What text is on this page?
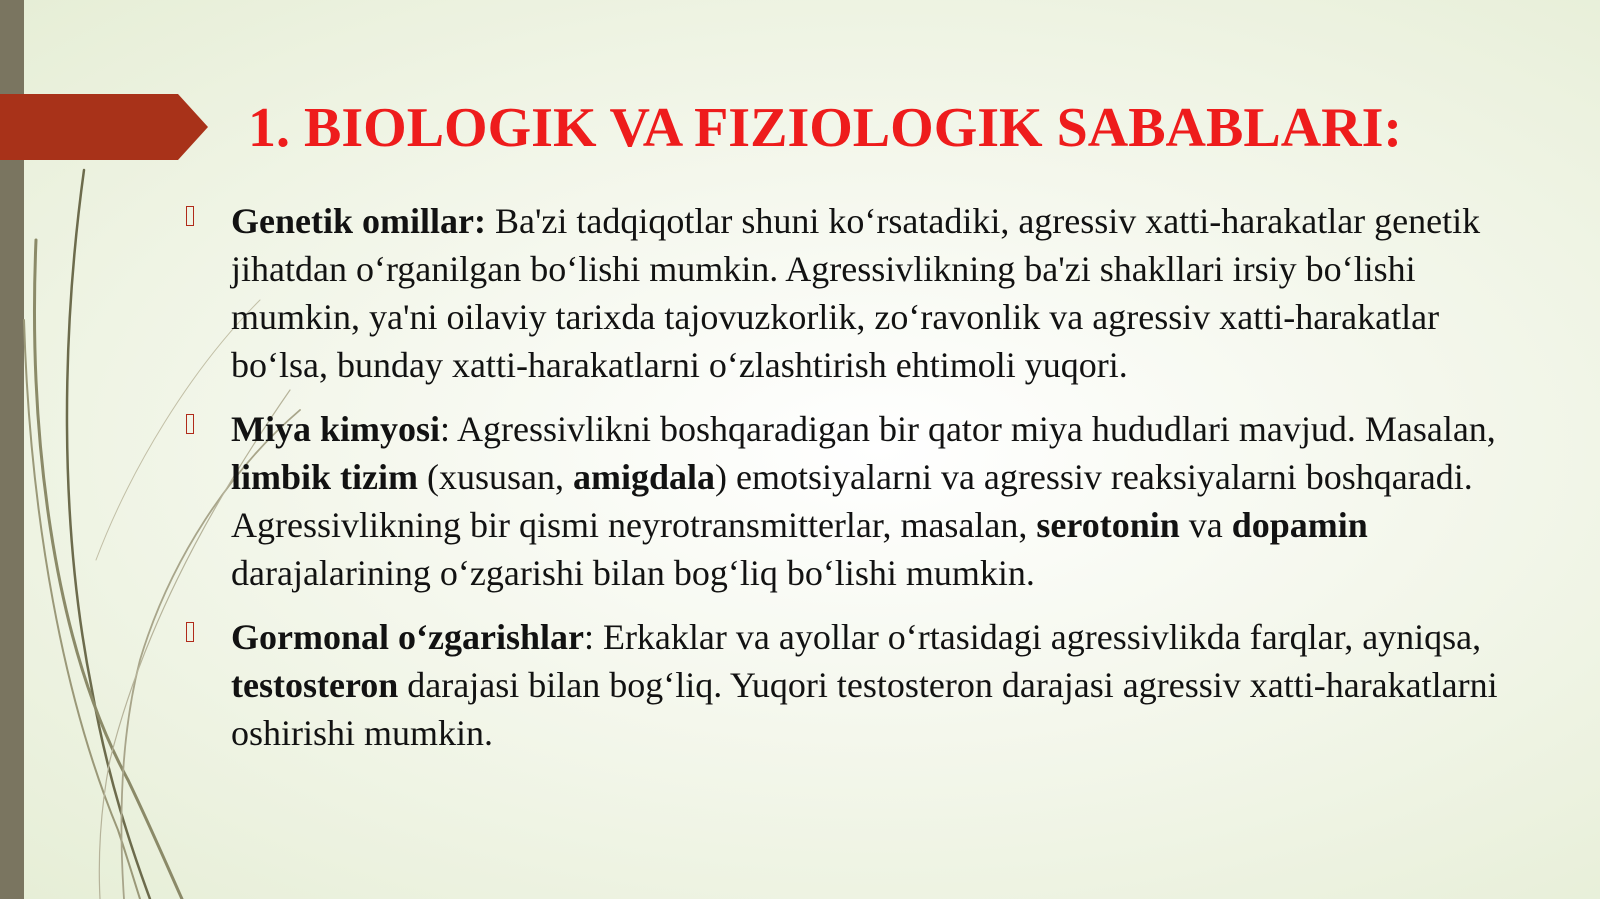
1. BIOLOGIK VA FIZIOLOGIK SABABLARI:
Genetik omillar: Ba'zi tadqiqotlar shuni ko‘rsatadiki, agressiv xatti-harakatlar genetik jihatdan o‘rganilgan bo‘lishi mumkin. Agressivlikning ba'zi shakllari irsiy bo‘lishi mumkin, ya'ni oilaviy tarixda tajovuzkorlik, zo‘ravonlik va agressiv xatti-harakatlar bo‘lsa, bunday xatti-harakatlarni o‘zlashtirish ehtimoli yuqori.
Miya kimyosi: Agressivlikni boshqaradigan bir qator miya hududlari mavjud. Masalan, limbik tizim (xususan, amigdala) emotsiyalarni va agressiv reaksiyalarni boshqaradi. Agressivlikning bir qismi neyrotransmitterlar, masalan, serotonin va dopamin darajalarining o‘zgarishi bilan bog‘liq bo‘lishi mumkin.
Gormonal o‘zgarishlar: Erkaklar va ayollar o‘rtasidagi agressivlikda farqlar, ayniqsa, testosteron darajasi bilan bog‘liq. Yuqori testosteron darajasi agressiv xatti-harakatlarni oshirishi mumkin.
